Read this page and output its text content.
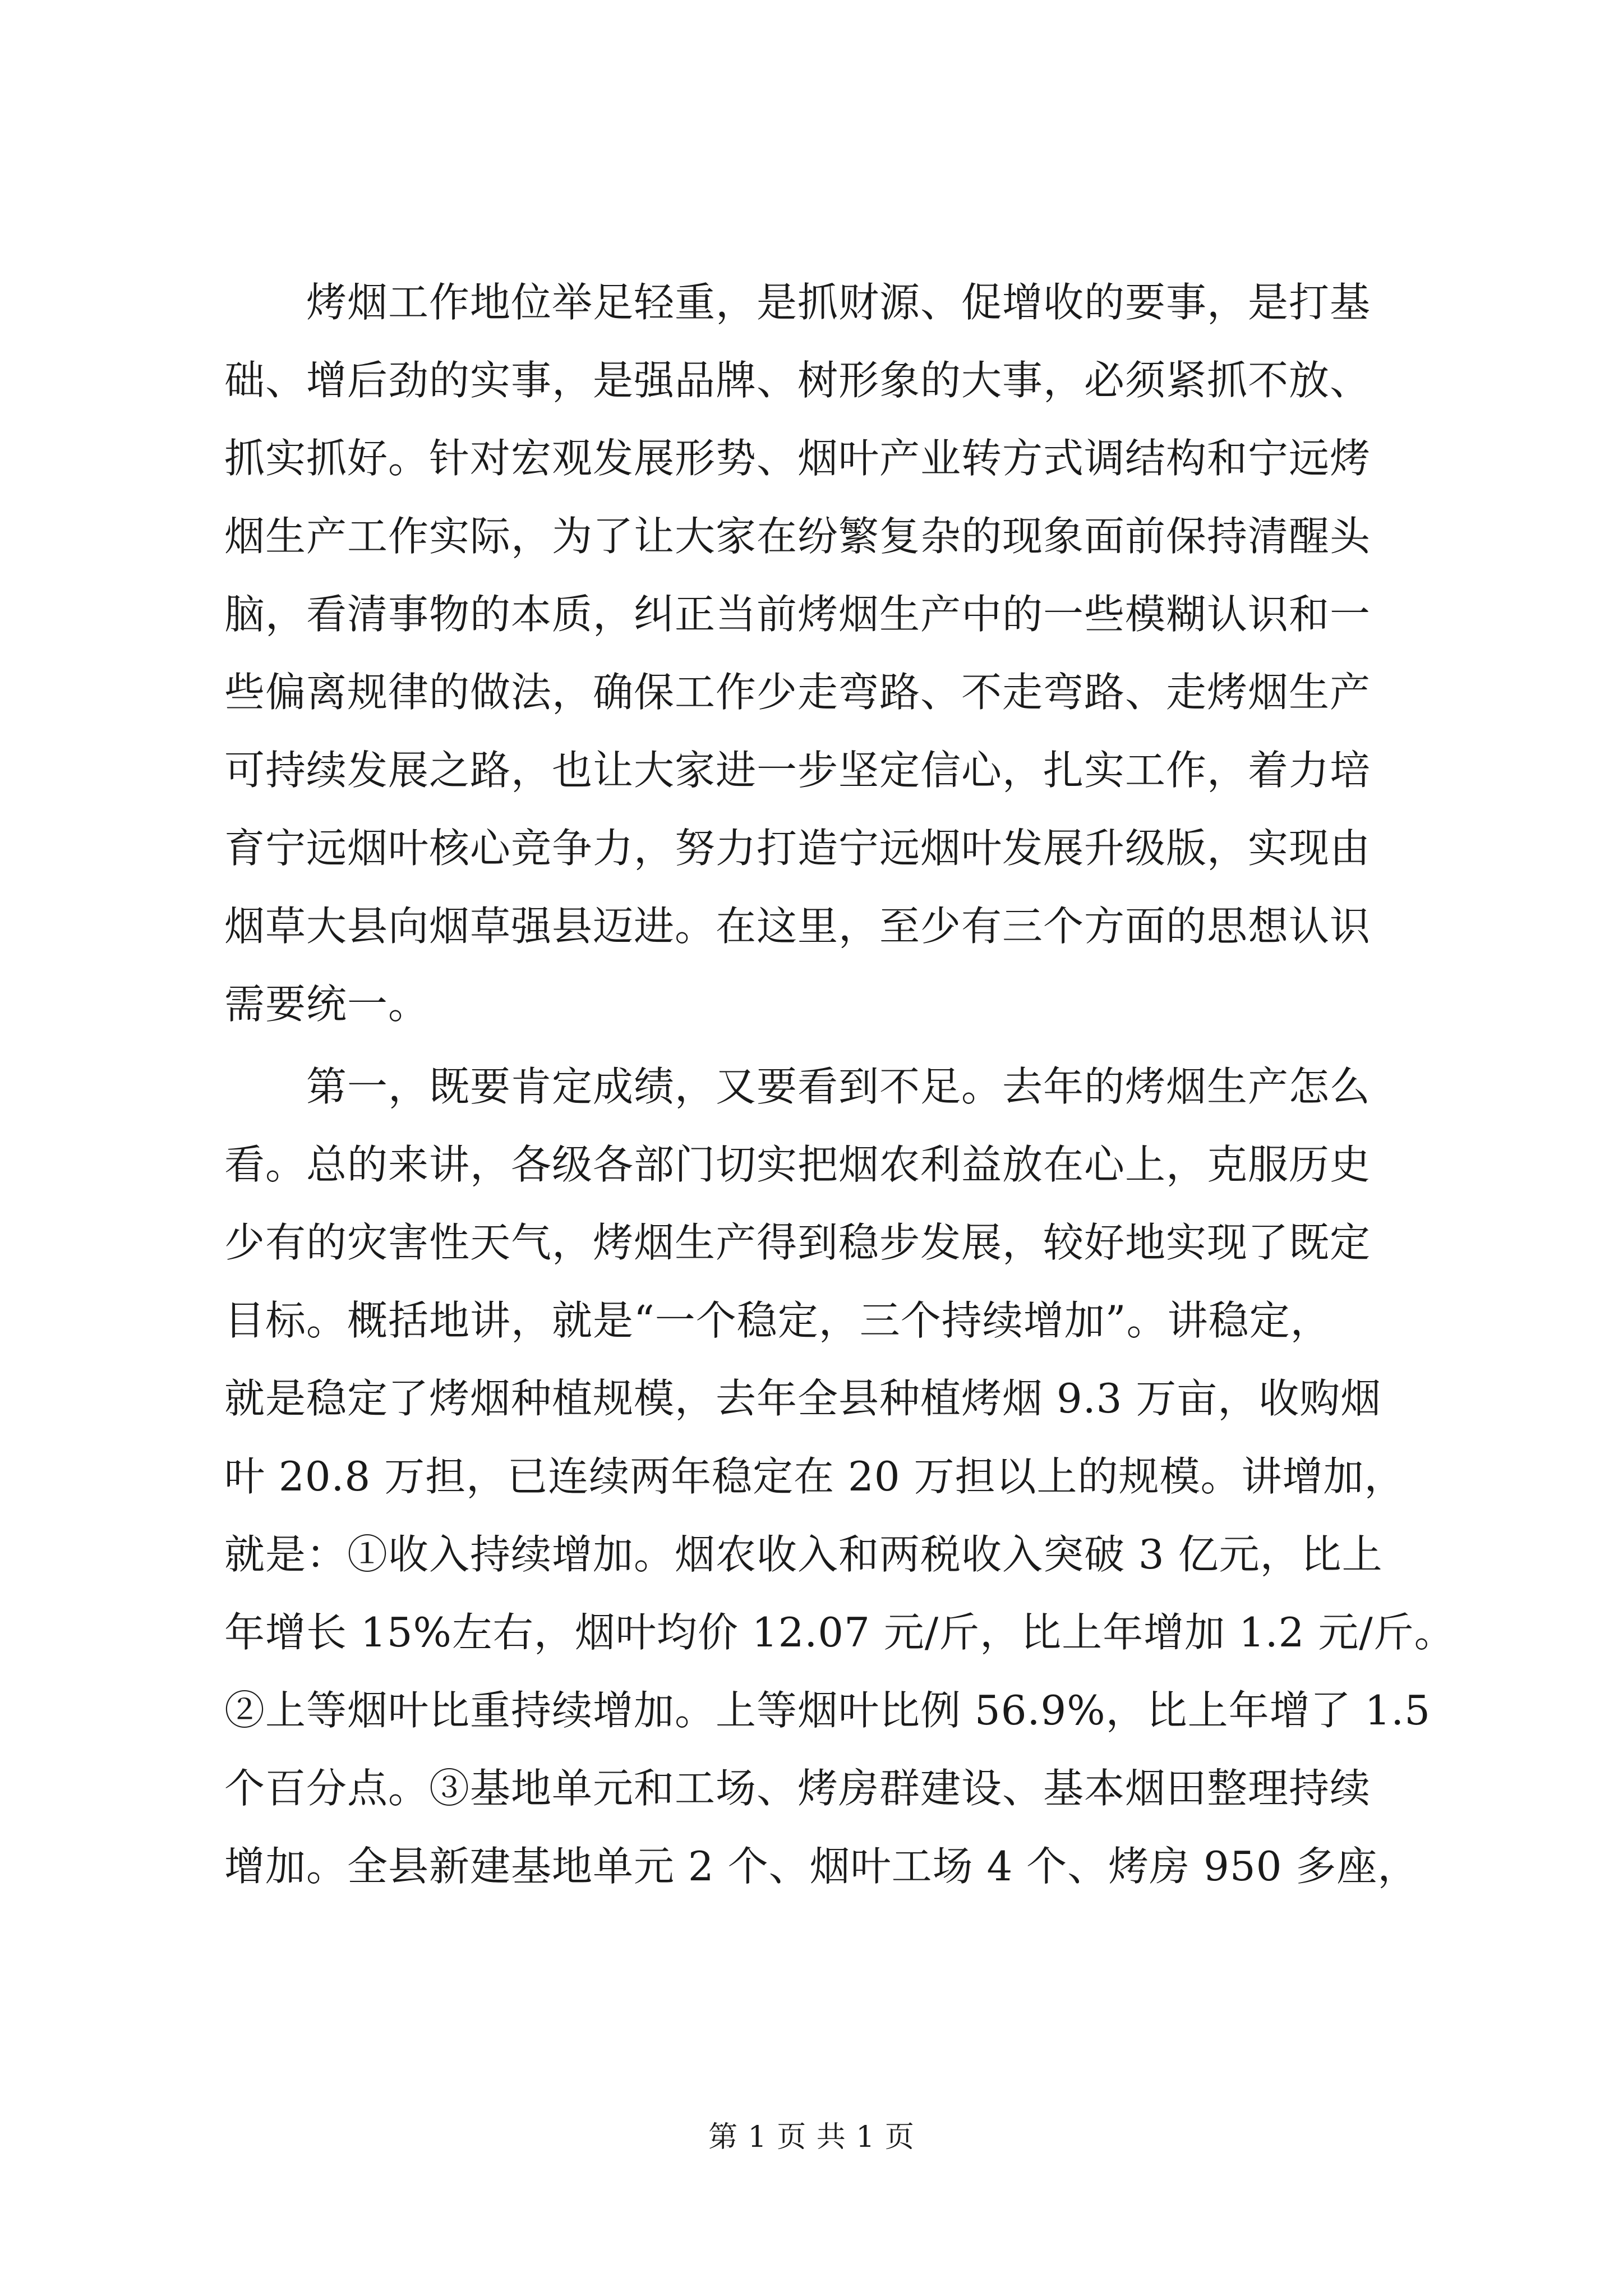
　　烤烟工作地位举足轻重，是抓财源、促增收的要事，是打基
础、增后劲的实事，是强品牌、树形象的大事，必须紧抓不放、
抓实抓好。针对宏观发展形势、烟叶产业转方式调结构和宁远烤
烟生产工作实际，为了让大家在纷繁复杂的现象面前保持清醒头
脑，看清事物的本质，纠正当前烤烟生产中的一些模糊认识和一
些偏离规律的做法，确保工作少走弯路、不走弯路、走烤烟生产
可持续发展之路，也让大家进一步坚定信心，扎实工作，着力培
育宁远烟叶核心竞争力，努力打造宁远烟叶发展升级版，实现由
烟草大县向烟草强县迈进。在这里，至少有三个方面的思想认识
需要统一。
　　第一，既要肯定成绩，又要看到不足。去年的烤烟生产怎么
看。总的来讲，各级各部门切实把烟农利益放在心上，克服历史
少有的灾害性天气，烤烟生产得到稳步发展，较好地实现了既定
目标。概括地讲，就是“一个稳定，三个持续增加”。讲稳定，
就是稳定了烤烟种植规模，去年全县种植烤烟 9.3 万亩，收购烟
叶 20.8 万担，已连续两年稳定在 20 万担以上的规模。讲增加，
就是：①收入持续增加。烟农收入和两税收入突破 3 亿元，比上
年增长 15%左右，烟叶均价 12.07 元/斤，比上年增加 1.2 元/斤。
②上等烟叶比重持续增加。上等烟叶比例 56.9%，比上年增了 1.5
个百分点。③基地单元和工场、烤房群建设、基本烟田整理持续
增加。全县新建基地单元 2 个、烟叶工场 4 个、烤房 950 多座，
第 1 页 共 1 页
